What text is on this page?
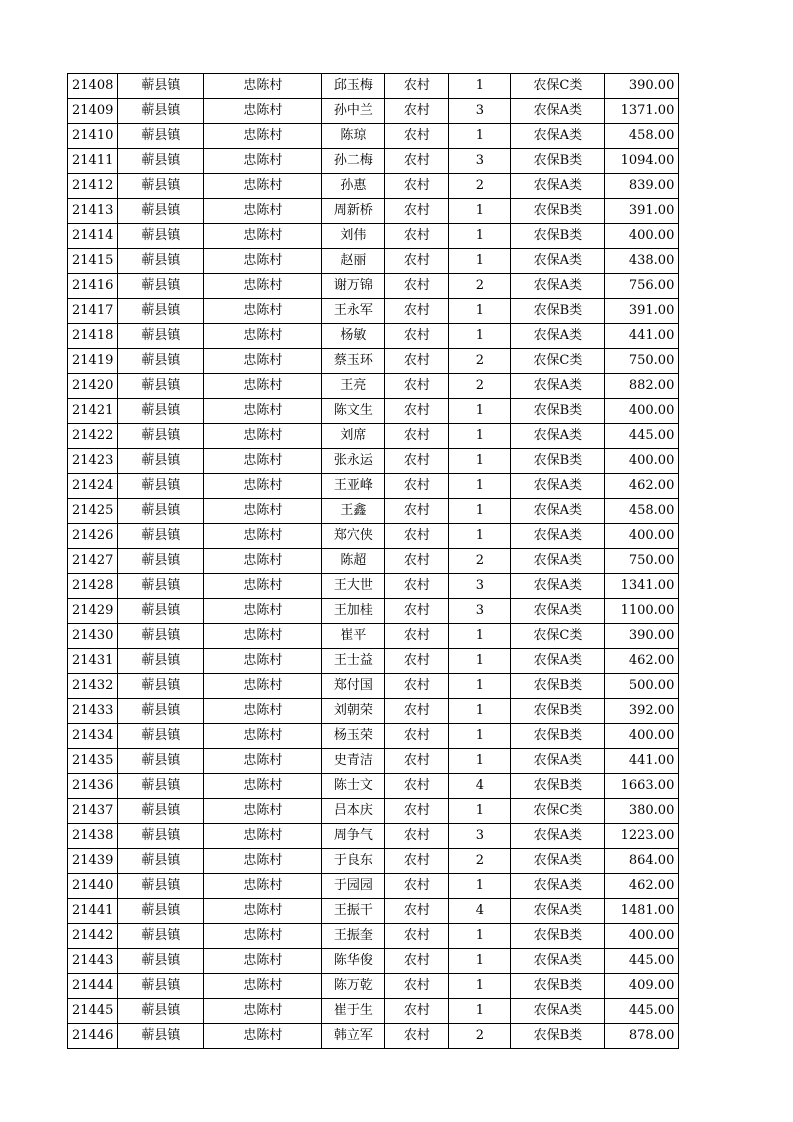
21408	蕲县镇	忠陈村	邱玉梅	农村	1	农保C类	390.00
21409	蕲县镇	忠陈村	孙中兰	农村	3	农保A类	1371.00
21410	蕲县镇	忠陈村	陈琼	农村	1	农保A类	458.00
21411	蕲县镇	忠陈村	孙二梅	农村	3	农保B类	1094.00
21412	蕲县镇	忠陈村	孙惠	农村	2	农保A类	839.00
21413	蕲县镇	忠陈村	周新桥	农村	1	农保B类	391.00
21414	蕲县镇	忠陈村	刘伟	农村	1	农保B类	400.00
21415	蕲县镇	忠陈村	赵丽	农村	1	农保A类	438.00
21416	蕲县镇	忠陈村	谢万锦	农村	2	农保A类	756.00
21417	蕲县镇	忠陈村	王永军	农村	1	农保B类	391.00
21418	蕲县镇	忠陈村	杨敏	农村	1	农保A类	441.00
21419	蕲县镇	忠陈村	蔡玉环	农村	2	农保C类	750.00
21420	蕲县镇	忠陈村	王亮	农村	2	农保A类	882.00
21421	蕲县镇	忠陈村	陈文生	农村	1	农保B类	400.00
21422	蕲县镇	忠陈村	刘席	农村	1	农保A类	445.00
21423	蕲县镇	忠陈村	张永运	农村	1	农保B类	400.00
21424	蕲县镇	忠陈村	王亚峰	农村	1	农保A类	462.00
21425	蕲县镇	忠陈村	王鑫	农村	1	农保A类	458.00
21426	蕲县镇	忠陈村	郑穴侠	农村	1	农保A类	400.00
21427	蕲县镇	忠陈村	陈超	农村	2	农保A类	750.00
21428	蕲县镇	忠陈村	王大世	农村	3	农保A类	1341.00
21429	蕲县镇	忠陈村	王加桂	农村	3	农保A类	1100.00
21430	蕲县镇	忠陈村	崔平	农村	1	农保C类	390.00
21431	蕲县镇	忠陈村	王士益	农村	1	农保A类	462.00
21432	蕲县镇	忠陈村	郑付国	农村	1	农保B类	500.00
21433	蕲县镇	忠陈村	刘朝荣	农村	1	农保B类	392.00
21434	蕲县镇	忠陈村	杨玉荣	农村	1	农保B类	400.00
21435	蕲县镇	忠陈村	史青洁	农村	1	农保A类	441.00
21436	蕲县镇	忠陈村	陈士文	农村	4	农保B类	1663.00
21437	蕲县镇	忠陈村	吕本庆	农村	1	农保C类	380.00
21438	蕲县镇	忠陈村	周争气	农村	3	农保A类	1223.00
21439	蕲县镇	忠陈村	于良东	农村	2	农保A类	864.00
21440	蕲县镇	忠陈村	于园园	农村	1	农保A类	462.00
21441	蕲县镇	忠陈村	王振干	农村	4	农保A类	1481.00
21442	蕲县镇	忠陈村	王振奎	农村	1	农保B类	400.00
21443	蕲县镇	忠陈村	陈华俊	农村	1	农保A类	445.00
21444	蕲县镇	忠陈村	陈万乾	农村	1	农保B类	409.00
21445	蕲县镇	忠陈村	崔于生	农村	1	农保A类	445.00
21446	蕲县镇	忠陈村	韩立军	农村	2	农保B类	878.00
